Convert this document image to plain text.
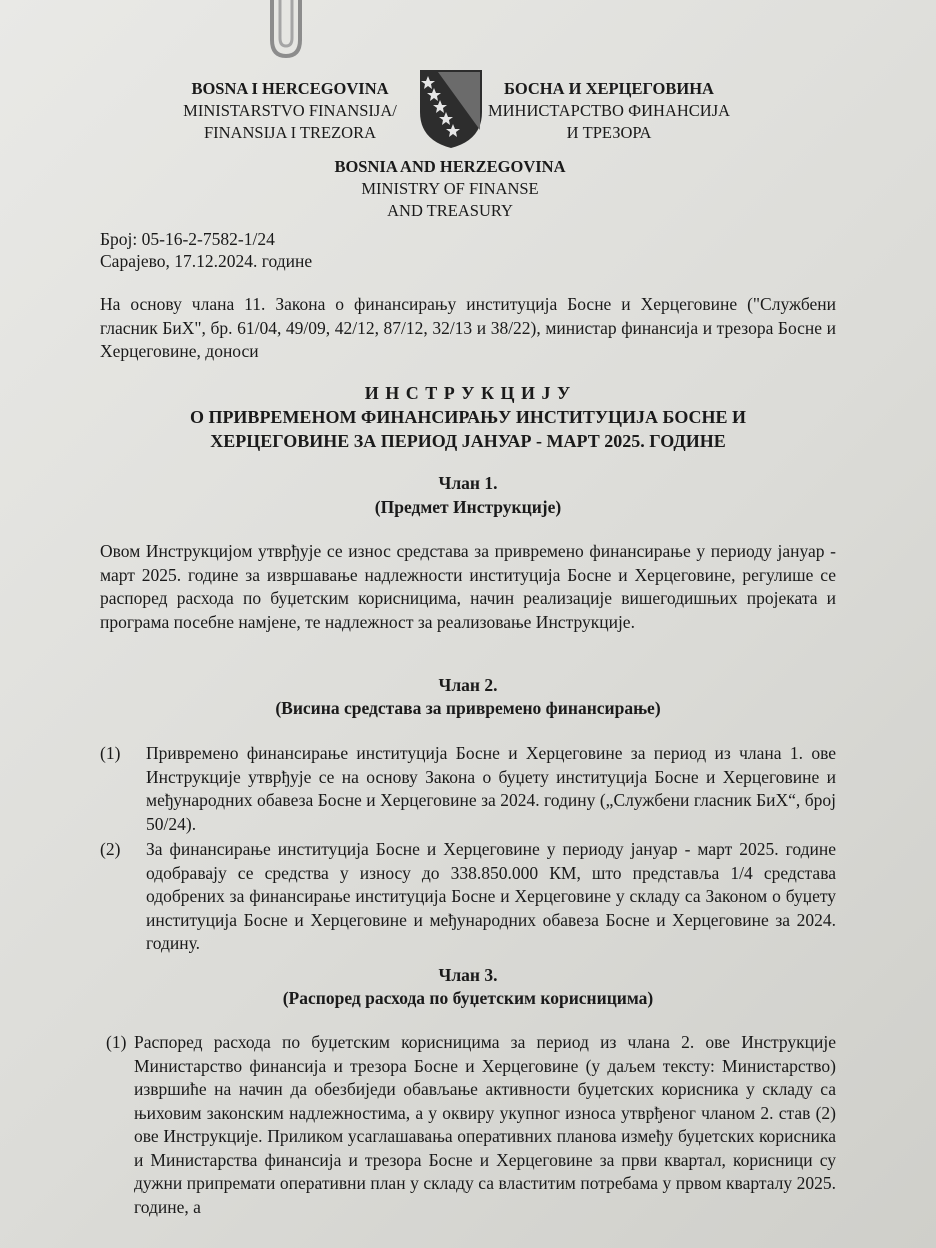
BOSNA I HERCEGOVINA
MINISTARSTVO FINANSIJA/
FINANSIJA I TREZORA
БОСНА И ХЕРЦЕГОВИНА
МИНИСТАРСТВО ФИНАНСИЈА
И ТРЕЗОРА
BOSNIA AND HERZEGOVINA
MINISTRY OF FINANSE
AND TREASURY
Број: 05-16-2-7582-1/24
Сарајево, 17.12.2024. године
На основу члана 11. Закона о финансирању институција Босне и Херцеговине ("Службени гласник БиХ", бр. 61/04, 49/09, 42/12, 87/12, 32/13 и 38/22), министар финансија и трезора Босне и Херцеговине, доноси
И Н С Т Р У К Ц И Ј У
О ПРИВРЕМЕНОМ ФИНАНСИРАЊУ ИНСТИТУЦИЈА БОСНЕ И
ХЕРЦЕГОВИНЕ ЗА ПЕРИОД ЈАНУАР - МАРТ 2025. ГОДИНЕ
Члан 1.
(Предмет Инструкције)
Овом Инструкцијом утврђује се износ средстава за привремено финансирање у периоду јануар - март 2025. године за извршавање надлежности институција Босне и Херцеговине, регулише се распоред расхода по буџетским корисницима, начин реализације вишегодишњих пројеката и програма посебне намјене, те надлежност за реализовање Инструкције.
Члан 2.
(Висина средстава за привремено финансирање)
(1) Привремено финансирање институција Босне и Херцеговине за период из члана 1. ове Инструкције утврђује се на основу Закона о буџету институција Босне и Херцеговине и међународних обавеза Босне и Херцеговине за 2024. годину („Службени гласник БиХ“, број 50/24).
(2) За финансирање институција Босне и Херцеговине у периоду јануар - март 2025. године одобравају се средства у износу до 338.850.000 КМ, што представља 1/4 средстава одобрених за финансирање институција Босне и Херцеговине у складу са Законом о буџету институција Босне и Херцеговине и међународних обавеза Босне и Херцеговине за 2024. годину.
Члан 3.
(Распоред расхода по буџетским корисницима)
(1) Распоред расхода по буџетским корисницима за период из члана 2. ове Инструкције Министарство финансија и трезора Босне и Херцеговине (у даљем тексту: Министарство) извршиће на начин да обезбиједи обављање активности буџетских корисника у складу са њиховим законским надлежностима, а у оквиру укупног износа утврђеног чланом 2. став (2) ове Инструкције. Приликом усаглашавања оперативних планова између буџетских корисника и Министарства финансија и трезора Босне и Херцеговине за први квартал, корисници су дужни припремати оперативни план у складу са властитим потребама у првом кварталу 2025. године, а
